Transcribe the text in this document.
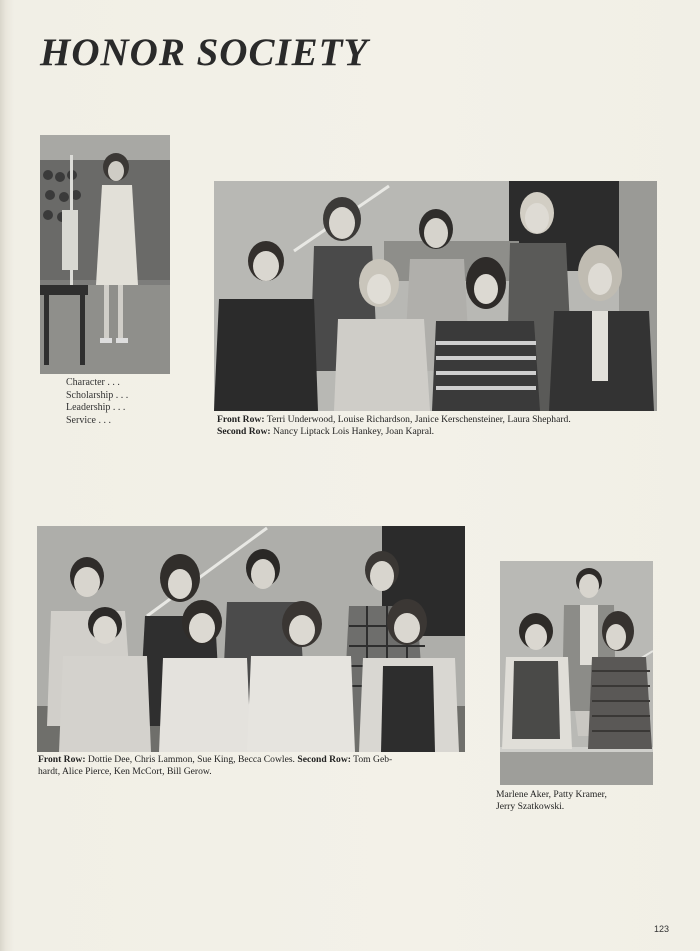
HONOR SOCIETY
Character . . .
Scholarship . . .
Leadership . . .
Service . . .	Front Row: Terri Underwood, Louise Richardson, Janice Kerschensteiner, Laura Shephard.
Second Row: Nancy Liptack Lois Hankey, Joan Kapral.
Front Row: Dottie Dee, Chris Lammon, Sue King, Becca Cowles. Second Row: Tom Geb-
hardt, Alice Pierce, Ken McCort, Bill Gerow.
Marlene Aker, Patty Kramer,
Jerry Szatkowski.
123
